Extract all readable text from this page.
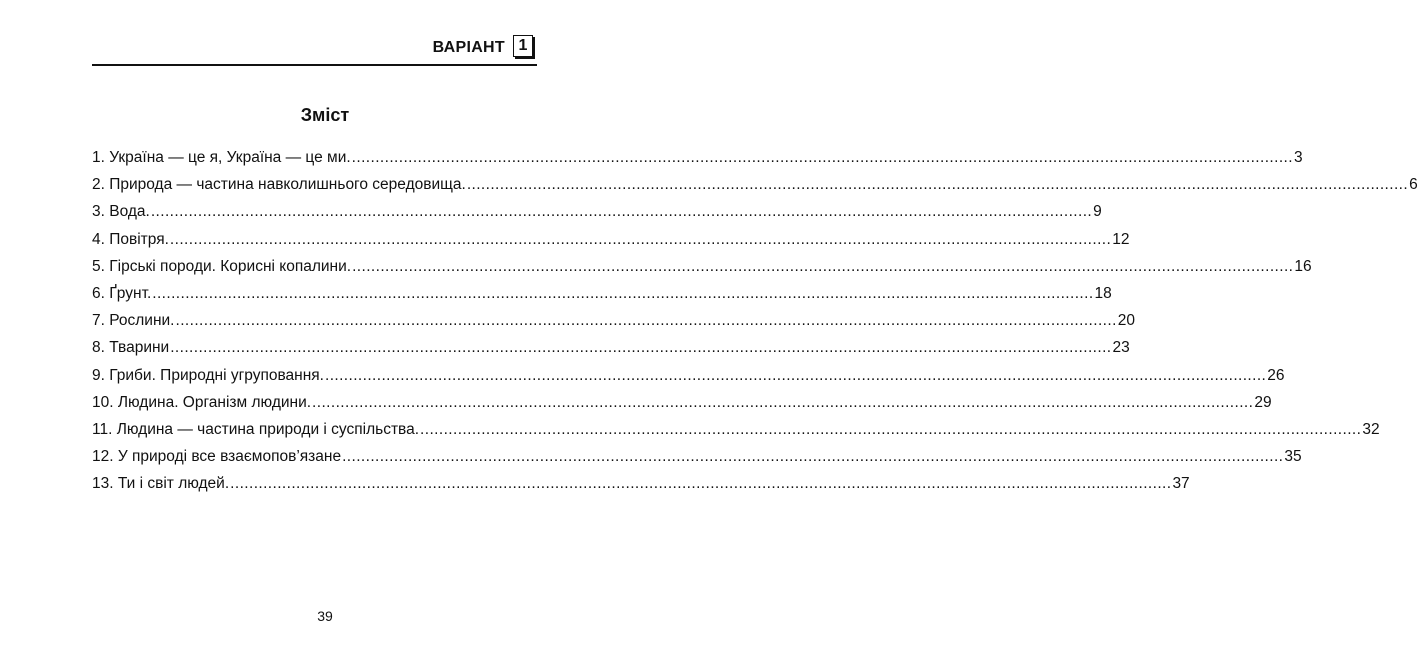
ВАРІАНТ 1
Зміст
1. Україна — це я, Україна — це ми. ........................................................................................................................................................................................................ 3
2. Природа — частина навколишнього середовища. ........................................................................................................................................................................................................ 6
3. Вода. ........................................................................................................................................................................................................ 9
4. Повітря. ........................................................................................................................................................................................................ 12
5. Гірські породи. Корисні копалини. ........................................................................................................................................................................................................ 16
6. Ґрунт. ........................................................................................................................................................................................................ 18
7. Рослини. ........................................................................................................................................................................................................ 20
8. Тварини ........................................................................................................................................................................................................ 23
9. Гриби. Природні угруповання. ........................................................................................................................................................................................................ 26
10. Людина. Організм людини. ........................................................................................................................................................................................................ 29
11. Людина — частина природи і суспільства. ........................................................................................................................................................................................................ 32
12. У природі все взаємопов’язане ........................................................................................................................................................................................................ 35
13. Ти і світ людей. ........................................................................................................................................................................................................ 37
39
